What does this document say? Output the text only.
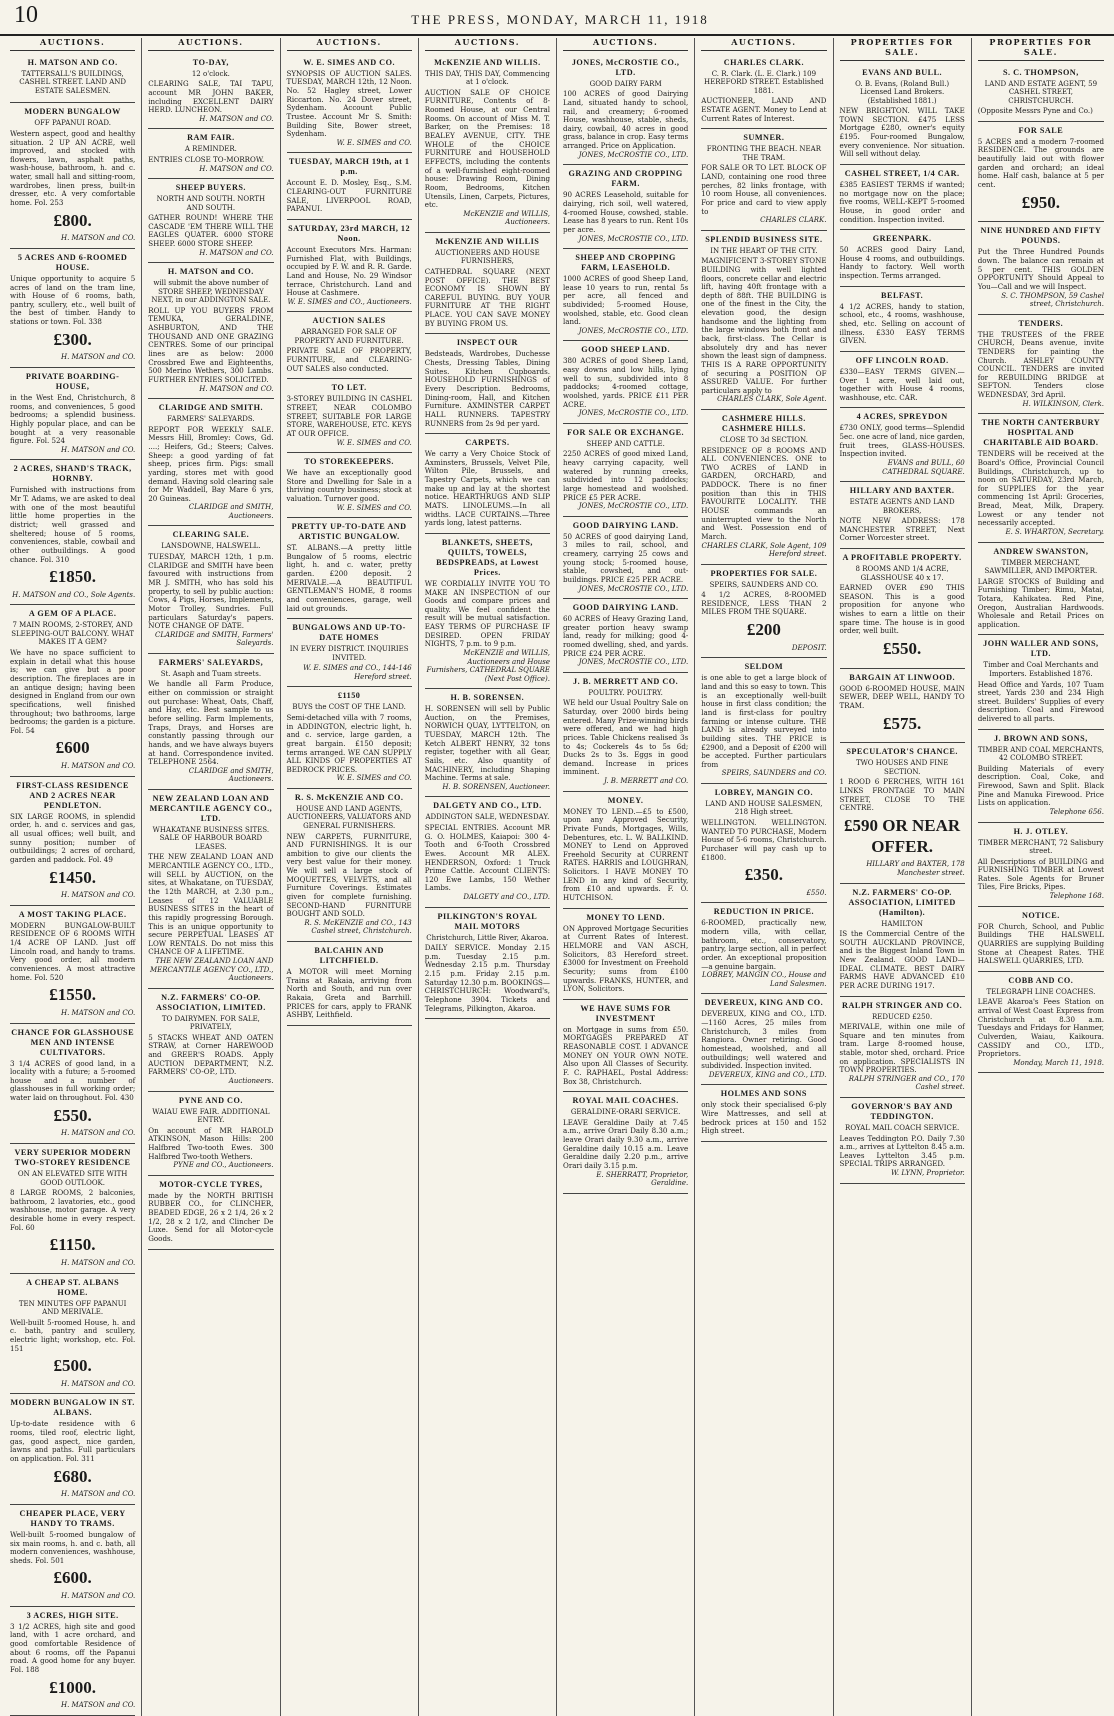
10	THE PRESS, MONDAY, MARCH 11, 1918
AUCTIONS.
H. MATSON AND CO.
TATTERSALL'S BUILDINGS, CASHEL STREET. LAND AND ESTATE SALESMEN.
MODERN BUNGALOW
OFF PAPANUI ROAD.
Western aspect, good and healthy situation. 2 UP AN ACRE, well improved, and stocked with flowers, lawn, asphalt paths, wash-house, bathroom, h. and c. water, small hall and sitting-room, wardrobes, linen press, built-in dresser, etc. A very comfortable home. Fol. 253
£800.
H. MATSON and CO.
5 ACRES AND 6-ROOMED HOUSE.
Unique opportunity to acquire 5 acres of land on the tram line, with House of 6 rooms, bath, pantry, scullery, etc., well built of the best of timber. Handy to stations or town. Fol. 338
£300.
H. MATSON and CO.
PRIVATE BOARDING-HOUSE,
in the West End, Christchurch, 8 rooms, and conveniences, 5 good bedrooms; a splendid business. Highly popular place, and can be bought at a very reasonable figure. Fol. 524
H. MATSON and CO.
2 ACRES, SHAND'S TRACK, HORNBY.
Furnished with instructions from Mr T. Adams, we are asked to deal with one of the most beautiful little home properties in the district; well grassed and sheltered; house of 5 rooms, conveniences, stable, cowbail and other outbuildings. A good chance. Fol. 310
£1850.
H. MATSON and CO., Sole Agents.
A GEM OF A PLACE.
7 MAIN ROOMS, 2-STOREY, AND SLEEPING-OUT BALCONY. WHAT MAKES IT A GEM?
We have no space sufficient to explain in detail what this house is; we can give but a poor description. The fireplaces are in an antique design; having been designed in England from our own specifications, well finished throughout; two bathrooms, large bedrooms; the garden is a picture. Fol. 54
£600
H. MATSON and CO.
FIRST-CLASS RESIDENCE AND 2 ACRES NEAR PENDLETON.
SIX LARGE ROOMS, in splendid order, h. and c. services and gas, all usual offices; well built, and sunny position; number of outbuildings; 2 acres of orchard, garden and paddock. Fol. 49
£1450.
H. MATSON and CO.
A MOST TAKING PLACE.
MODERN BUNGALOW-BUILT RESIDENCE OF 6 ROOMS WITH 1/4 ACRE OF LAND. Just off Lincoln road, and handy to trams. Very good order, all modern conveniences. A most attractive home. Fol. 520
£1550.
H. MATSON and CO.
CHANCE FOR GLASSHOUSE MEN AND INTENSE CULTIVATORS.
3 1/4 ACRES of good land, in a locality with a future; a 5-roomed house and a number of glasshouses in full working order; water laid on throughout. Fol. 430
£550.
H. MATSON and CO.
VERY SUPERIOR MODERN TWO-STOREY RESIDENCE
ON AN ELEVATED SITE WITH GOOD OUTLOOK.
8 LARGE ROOMS, 2 balconies, bathroom, 2 lavatories, etc., good washhouse, motor garage. A very desirable home in every respect. Fol. 60
£1150.
H. MATSON and CO.
A CHEAP ST. ALBANS HOME.
TEN MINUTES OFF PAPANUI AND MERIVALE.
Well-built 5-roomed House, h. and c. bath, pantry and scullery, electric light; workshop, etc. Fol. 151
£500.
H. MATSON and CO.
MODERN BUNGALOW IN ST. ALBANS.
Up-to-date residence with 6 rooms, tiled roof, electric light, gas, good aspect, nice garden, lawns and paths. Full particulars on application. Fol. 311
£680.
H. MATSON and CO.
CHEAPER PLACE, VERY HANDY TO TRAMS.
Well-built 5-roomed bungalow of six main rooms, h. and c. bath, all modern conveniences, washhouse, sheds. Fol. 501
£600.
H. MATSON and CO.
3 ACRES, HIGH SITE.
3 1/2 ACRES, high site and good land, with 1 acre orchard, and good comfortable Residence of about 6 rooms, off the Papanui road. A good home for any buyer. Fol. 188
£1000.
H. MATSON and CO.
AUCTIONS.
TO-DAY,
12 o'clock.
CLEARING SALE, TAI TAPU, account MR JOHN BAKER, including EXCELLENT DAIRY HERD. LUNCHEON.
H. MATSON and CO.
RAM FAIR.
A REMINDER.
ENTRIES CLOSE TO-MORROW.
H. MATSON and CO.
SHEEP BUYERS.
NORTH AND SOUTH. NORTH AND SOUTH.
GATHER ROUND! WHERE THE CASCADE 'EM THERE WILL THE EAGLES QUATER. 6000 STORE SHEEP. 6000 STORE SHEEP.
H. MATSON and CO.
H. MATSON and CO.
will submit the above number of STORE SHEEP, WEDNESDAY NEXT, in our ADDINGTON SALE.
ROLL UP YOU BUYERS FROM TEMUKA, GERALDINE, ASHBURTON, AND THE THOUSAND AND ONE GRAZING CENTRES. Some of our principal lines are as below: 2000 Crossbred Ewe and Eighteenths, 500 Merino Wethers, 300 Lambs. FURTHER ENTRIES SOLICITED.
H. MATSON and CO.
CLARIDGE AND SMITH.
FARMERS' SALEYARDS.
REPORT FOR WEEKLY SALE. Messrs Hill, Bromley: Cows, Gd. ....; Heifers, Gd.; Steers; Calves. Sheep: a good yarding of fat sheep, prices firm. Pigs: small yarding, stores met with good demand. Having sold clearing sale for Mr Waddell, Bay Mare 6 yrs, 20 Guineas.
CLARIDGE and SMITH, Auctioneers.
CLEARING SALE.
LANSDOWNE, HALSWELL.
TUESDAY, MARCH 12th, 1 p.m. CLARIDGE and SMITH have been favoured with instructions from MR J. SMITH, who has sold his property, to sell by public auction: Cows, 4 Pigs, Horses, Implements, Motor Trolley, Sundries. Full particulars Saturday's papers. NOTE CHANGE OF DATE.
CLARIDGE and SMITH, Farmers' Saleyards.
FARMERS' SALEYARDS,
St. Asaph and Tuam streets.
We handle all Farm Produce, either on commission or straight out purchase: Wheat, Oats, Chaff, and Hay, etc. Best sample to us before selling. Farm Implements, Traps, Drays, and Horses are constantly passing through our hands, and we have always buyers at hand. Correspondence invited. TELEPHONE 2564.
CLARIDGE and SMITH, Auctioneers.
NEW ZEALAND LOAN AND MERCANTILE AGENCY CO., LTD.
WHAKATANE BUSINESS SITES. SALE OF HARBOUR BOARD LEASES.
THE NEW ZEALAND LOAN AND MERCANTILE AGENCY CO., LTD., will SELL by AUCTION, on the sites, at Whakatane, on TUESDAY, the 12th MARCH, at 2.30 p.m., Leases of 12 VALUABLE BUSINESS SITES in the heart of this rapidly progressing Borough. This is an unique opportunity to secure PERPETUAL LEASES AT LOW RENTALS. Do not miss this CHANCE OF A LIFETIME.
THE NEW ZEALAND LOAN AND MERCANTILE AGENCY CO., LTD., Auctioneers.
N.Z. FARMERS' CO-OP. ASSOCIATION, LIMITED.
TO DAIRYMEN. FOR SALE, PRIVATELY,
5 STACKS WHEAT AND OATEN STRAW, at Corner HAREWOOD and GREER'S ROADS. Apply AUCTION DEPARTMENT, N.Z. FARMERS' CO-OP., LTD.
Auctioneers.
PYNE AND CO.
WAIAU EWE FAIR. ADDITIONAL ENTRY.
On account of MR HAROLD ATKINSON, Mason Hills: 200 Halfbred Two-tooth Ewes. 300 Halfbred Two-tooth Wethers.
PYNE and CO., Auctioneers.
MOTOR-CYCLE TYRES,
made by the NORTH BRITISH RUBBER CO., for CLINCHER, BEADED EDGE, 26 x 2 1/4, 26 x 2 1/2, 28 x 2 1/2, and Clincher De Luxe. Send for all Motor-cycle Goods.
AUCTIONS.
W. E. SIMES AND CO.
SYNOPSIS OF AUCTION SALES. TUESDAY, MARCH 12th, 12 Noon. No. 52 Hagley street, Lower Riccarton. No. 24 Dover street, Sydenham. Account Public Trustee. Account Mr S. Smith: Building Site, Bower street, Sydenham.
W. E. SIMES and CO.
TUESDAY, MARCH 19th, at 1 p.m.
Account E. D. Mosley, Esq., S.M. CLEARING-OUT FURNITURE SALE, LIVERPOOL ROAD, PAPANUI.
SATURDAY, 23rd MARCH, 12 Noon.
Account Executors Mrs. Harman: Furnished Flat, with Buildings, occupied by F. W. and R. R. Garde. Land and House, No. 29 Windsor terrace, Christchurch. Land and House at Cashmere.
W. E. SIMES and CO., Auctioneers.
AUCTION SALES
ARRANGED FOR SALE OF PROPERTY AND FURNITURE.
PRIVATE SALE OF PROPERTY, FURNITURE, and CLEARING-OUT SALES also conducted.
TO LET.
3-STOREY BUILDING IN CASHEL STREET, NEAR COLOMBO STREET, SUITABLE FOR LARGE STORE, WAREHOUSE, ETC. KEYS AT OUR OFFICE.
W. E. SIMES and CO.
TO STOREKEEPERS.
We have an exceptionally good Store and Dwelling for Sale in a thriving country business; stock at valuation. Turnover good.
W. E. SIMES and CO.
PRETTY UP-TO-DATE AND ARTISTIC BUNGALOW.
ST. ALBANS.—A pretty little Bungalow of 5 rooms, electric light, h. and c. water, pretty garden. £200 deposit. 2 MERIVALE.—A BEAUTIFUL GENTLEMAN'S HOME, 8 rooms and conveniences, garage, well laid out grounds.
BUNGALOWS AND UP-TO-DATE HOMES
IN EVERY DISTRICT. INQUIRIES INVITED.
W. E. SIMES and CO., 144-146 Hereford street.
£1150
BUYS the COST OF THE LAND.
Semi-detached villa with 7 rooms, in ADDINGTON, electric light, h. and c. service, large garden, a great bargain. £150 deposit; terms arranged. WE CAN SUPPLY ALL KINDS OF PROPERTIES AT BEDROCK PRICES.
W. E. SIMES and CO.
R. S. McKENZIE AND CO.
HOUSE AND LAND AGENTS, AUCTIONEERS, VALUATORS AND GENERAL FURNISHERS.
NEW CARPETS, FURNITURE, AND FURNISHINGS. It is our ambition to give our clients the very best value for their money. We will sell a large stock of MOQUETTES, VELVETS, and all Furniture Coverings. Estimates given for complete furnishing. SECOND-HAND FURNITURE BOUGHT AND SOLD.
R. S. McKENZIE and CO., 143 Cashel street, Christchurch.
BALCAHIN AND LITCHFIELD.
A MOTOR will meet Morning Trains at Rakaia, arriving from North and South, and run over Rakaia, Greta and Barrhill. PRICES for cars, apply to FRANK ASHBY, Leithfield.
AUCTIONS.
McKENZIE AND WILLIS.
THIS DAY, THIS DAY, Commencing at 1 o'clock.
AUCTION SALE OF CHOICE FURNITURE, Contents of 8-Roomed House, at our Central Rooms. On account of Miss M. T. Barker, on the Premises: 18 BEALEY AVENUE, CITY. THE WHOLE of the CHOICE FURNITURE and HOUSEHOLD EFFECTS, including the contents of a well-furnished eight-roomed house: Drawing Room, Dining Room, Bedrooms, Kitchen Utensils, Linen, Carpets, Pictures, etc.
McKENZIE and WILLIS, Auctioneers.
McKENZIE AND WILLIS
AUCTIONEERS AND HOUSE FURNISHERS,
CATHEDRAL SQUARE (NEXT POST OFFICE). THE BEST ECONOMY IS SHOWN BY CAREFUL BUYING. BUY YOUR FURNITURE AT THE RIGHT PLACE. YOU CAN SAVE MONEY BY BUYING FROM US.
INSPECT OUR
Bedsteads, Wardrobes, Duchesse Chests, Dressing Tables, Dining Suites. Kitchen Cupboards. HOUSEHOLD FURNISHINGS of Every Description. Bedrooms, Dining-room, Hall, and Kitchen Furniture. AXMINSTER CARPET HALL RUNNERS. TAPESTRY RUNNERS from 2s 9d per yard.
CARPETS.
We carry a Very Choice Stock of Axminsters, Brussels, Velvet Pile, Wilton Pile, Brussels, and Tapestry Carpets, which we can make up and lay at the shortest notice. HEARTHRUGS AND SLIP MATS. LINOLEUMS.—In all widths. LACE CURTAINS.—Three yards long, latest patterns.
BLANKETS, SHEETS, QUILTS, TOWELS, BEDSPREADS, at Lowest Prices.
WE CORDIALLY INVITE YOU TO MAKE AN INSPECTION of our Goods and compare prices and quality. We feel confident the result will be mutual satisfaction. EASY TERMS OF PURCHASE IF DESIRED. OPEN FRIDAY NIGHTS, 7 p.m. to 9 p.m.
McKENZIE and WILLIS, Auctioneers and House Furnishers, CATHEDRAL SQUARE (Next Post Office).
H. B. SORENSEN.
H. SORENSEN will sell by Public Auction, on the Premises, NORWICH QUAY, LYTTELTON, on TUESDAY, MARCH 12th. The Ketch ALBERT HENRY, 32 tons register, together with all Gear, Sails, etc. Also quantity of MACHINERY, including Shaping Machine. Terms at sale.
H. B. SORENSEN, Auctioneer.
DALGETY AND CO., LTD.
ADDINGTON SALE, WEDNESDAY.
SPECIAL ENTRIES. Account MR G. O. HOLMES, Kaiapoi: 300 4-Tooth and 6-Tooth Crossbred Ewes. Account MR ALEX. HENDERSON, Oxford: 1 Truck Prime Cattle. Account CLIENTS: 120 Ewe Lambs, 150 Wether Lambs.
DALGETY and CO., LTD.
PILKINGTON'S ROYAL MAIL MOTORS
Christchurch, Little River, Akaroa.
DAILY SERVICE. Monday 2.15 p.m. Tuesday 2.15 p.m. Wednesday 2.15 p.m. Thursday 2.15 p.m. Friday 2.15 p.m. Saturday 12.30 p.m. BOOKINGS—CHRISTCHURCH: Woodward's, Telephone 3904. Tickets and Telegrams, Pilkington, Akaroa.
AUCTIONS.
JONES, McCROSTIE CO., LTD.
GOOD DAIRY FARM
100 ACRES of good Dairying Land, situated handy to school, rail, and creamery; 6-roomed House, washhouse, stable, sheds, dairy, cowbail, 40 acres in good grass, balance in crop. Easy terms arranged. Price on Application.
JONES, McCROSTIE CO., LTD.
GRAZING AND CROPPING FARM.
90 ACRES Leasehold, suitable for dairying, rich soil, well watered, 4-roomed House, cowshed, stable. Lease has 8 years to run. Rent 10s per acre.
JONES, McCROSTIE CO., LTD.
SHEEP AND CROPPING FARM, LEASEHOLD.
1000 ACRES of good Sheep Land, lease 10 years to run, rental 5s per acre, all fenced and subdivided; 5-roomed House, woolshed, stable, etc. Good clean land.
JONES, McCROSTIE CO., LTD.
GOOD SHEEP LAND.
380 ACRES of good Sheep Land, easy downs and low hills, lying well to sun, subdivided into 8 paddocks; 4-roomed cottage, woolshed, yards. PRICE £11 PER ACRE.
JONES, McCROSTIE CO., LTD.
FOR SALE OR EXCHANGE.
SHEEP AND CATTLE.
2250 ACRES of good mixed Land, heavy carrying capacity, well watered by running creeks, subdivided into 12 paddocks; large homestead and woolshed. PRICE £5 PER ACRE.
JONES, McCROSTIE CO., LTD.
GOOD DAIRYING LAND.
50 ACRES of good dairying Land, 3 miles to rail, school, and creamery, carrying 25 cows and young stock; 5-roomed house, stable, cowshed, and out-buildings. PRICE £25 PER ACRE.
JONES, McCROSTIE CO., LTD.
GOOD DAIRYING LAND.
60 ACRES of Heavy Grazing Land, greater portion heavy swamp land, ready for milking; good 4-roomed dwelling, shed, and yards. PRICE £24 PER ACRE.
JONES, McCROSTIE CO., LTD.
J. B. MERRETT AND CO.
POULTRY. POULTRY.
WE held our Usual Poultry Sale on Saturday, over 2000 birds being entered. Many Prize-winning birds were offered, and we had high prices. Table Chickens realised 3s to 4s; Cockerels 4s to 5s 6d; Ducks 2s to 3s. Eggs in good demand. Increase in prices imminent.
J. B. MERRETT and CO.
MONEY.
MONEY TO LEND.—£5 to £500, upon any Approved Security, Private Funds, Mortgages, Wills, Debentures, etc. L. W. BALLKIND. MONEY to Lend on Approved Freehold Security at CURRENT RATES. HARRIS and LOUGHRAN, Solicitors. I HAVE MONEY TO LEND in any kind of Security, from £10 and upwards. F. O. HUTCHISON.
MONEY TO LEND.
ON Approved Mortgage Securities at Current Rates of Interest. HELMORE and VAN ASCH, Solicitors, 83 Hereford street. £3000 for Investment on Freehold Security; sums from £100 upwards. FRANKS, HUNTER, and LYON, Solicitors.
WE HAVE SUMS FOR INVESTMENT
on Mortgage in sums from £50. MORTGAGES PREPARED AT REASONABLE COST. I ADVANCE MONEY ON YOUR OWN NOTE. Also upon All Classes of Security. F. C. RAPHAEL, Postal Address: Box 38, Christchurch.
ROYAL MAIL COACHES.
GERALDINE-ORARI SERVICE.
LEAVE Geraldine Daily at 7.45 a.m., arrive Orari Daily 8.30 a.m.; leave Orari daily 9.30 a.m., arrive Geraldine daily 10.15 a.m. Leave Geraldine daily 2.20 p.m., arrive Orari daily 3.15 p.m.
E. SHERRATT, Proprietor, Geraldine.
AUCTIONS.
CHARLES CLARK.
C. R. Clark. (L. E. Clark.) 109 HEREFORD STREET. Established 1881.
AUCTIONEER, LAND AND ESTATE AGENT. Money to Lend at Current Rates of Interest.
SUMNER.
FRONTING THE BEACH. NEAR THE TRAM.
FOR SALE OR TO LET. BLOCK OF LAND, containing one rood three perches, 82 links frontage, with 10 room House, all conveniences. For price and card to view apply to
CHARLES CLARK.
SPLENDID BUSINESS SITE.
IN THE HEART OF THE CITY.
MAGNIFICENT 3-STOREY STONE BUILDING with well lighted floors, concrete cellar and electric lift, having 40ft frontage with a depth of 88ft. THE BUILDING is one of the finest in the City, the elevation good, the design handsome and the lighting from the large windows both front and back, first-class. The Cellar is absolutely dry and has never shown the least sign of dampness. THIS IS A RARE OPPORTUNITY of securing a POSITION OF ASSURED VALUE. For further particulars apply to
CHARLES CLARK, Sole Agent.
CASHMERE HILLS. CASHMERE HILLS.
CLOSE TO 3d SECTION.
RESIDENCE OF 8 ROOMS AND ALL CONVENIENCES. ONE to TWO ACRES of LAND in GARDEN, ORCHARD, and PADDOCK. There is no finer position than this in THIS FAVOURITE LOCALITY. THE HOUSE commands an uninterrupted view to the North and West. Possession end of March.
CHARLES CLARK, Sole Agent, 109 Hereford street.
PROPERTIES FOR SALE.
SPEIRS, SAUNDERS AND CO.
4 1/2 ACRES, 8-ROOMED RESIDENCE, LESS THAN 2 MILES FROM THE SQUARE.
£200
DEPOSIT.
SELDOM
is one able to get a large block of land and this so easy to town. This is an exceptionally well-built house in first class condition; the land is first-class for poultry farming or intense culture. THE LAND is already surveyed into building sites. THE PRICE is £2900, and a Deposit of £200 will be accepted. Further particulars from
SPEIRS, SAUNDERS and CO.
LOBREY, MANGIN CO.
LAND AND HOUSE SALESMEN, 218 High street.
WELLINGTON. WELLINGTON. WANTED TO PURCHASE, Modern House of 5-6 rooms, Christchurch. Purchaser will pay cash up to £1800.
£350.
£550.
REDUCTION IN PRICE.
6-ROOMED, practically new, modern villa, with cellar, bathroom, etc., conservatory, pantry, large section, all in perfect order. An exceptional proposition—a genuine bargain.
LOBREY, MANGIN CO., House and Land Salesmen.
DEVEREUX, KING AND CO.
DEVEREUX, KING and CO., LTD.—1160 Acres, 25 miles from Christchurch, 3 miles from Rangiora. Owner retiring. Good homestead, woolshed, and all outbuildings; well watered and subdivided. Inspection invited.
DEVEREUX, KING and CO., LTD.
HOLMES AND SONS
only stock their specialised 6-ply Wire Mattresses, and sell at bedrock prices at 150 and 152 High street.
PROPERTIES FOR SALE.
EVANS AND BULL.
O. B. Evans, (Roland Bull.) Licensed Land Brokers. (Established 1881.)
NEW BRIGHTON. WILL TAKE TOWN SECTION. £475 LESS Mortgage £280, owner's equity £195. Four-roomed Bungalow, every convenience. Nor situation. Will sell without delay.
CASHEL STREET, 1/4 CAR.
£385 EASIEST TERMS if wanted; no mortgage now on the place; five rooms, WELL-KEPT 5-roomed House, in good order and condition. Inspection invited.
GREENPARK.
50 ACRES good Dairy Land, House 4 rooms, and outbuildings. Handy to factory. Well worth inspection. Terms arranged.
BELFAST.
4 1/2 ACRES, handy to station, school, etc., 4 rooms, washhouse, shed, etc. Selling on account of illness. £330 EASY TERMS GIVEN.
OFF LINCOLN ROAD.
£330—EASY TERMS GIVEN.—Over 1 acre, well laid out, together with House 4 rooms, washhouse, etc. CAR.
4 ACRES, SPREYDON
£730 ONLY, good terms—Splendid 5ec. one acre of land, nice garden, fruit trees, GLASS-HOUSES. Inspection invited.
EVANS and BULL, 60 CATHEDRAL SQUARE.
HILLARY AND BAXTER.
ESTATE AGENTS AND LAND BROKERS,
NOTE NEW ADDRESS: 178 MANCHESTER STREET, Next Corner Worcester street.
A PROFITABLE PROPERTY.
8 ROOMS AND 1/4 ACRE, GLASSHOUSE 40 x 17.
EARNED OVER £90 THIS SEASON. This is a good proposition for anyone who wishes to earn a little on their spare time. The house is in good order, well built.
£550.
BARGAIN AT LINWOOD.
GOOD 6-ROOMED HOUSE, MAIN SEWER, DEEP WELL, HANDY TO TRAM.
£575.
SPECULATOR'S CHANCE.
TWO HOUSES AND FINE SECTION.
1 ROOD 6 PERCHES, WITH 161 LINKS FRONTAGE TO MAIN STREET, CLOSE TO THE CENTRE.
£590 OR NEAR OFFER.
HILLARY and BAXTER, 178 Manchester street.
N.Z. FARMERS' CO-OP. ASSOCIATION, LIMITED (Hamilton).
HAMILTON
IS the Commercial Centre of the SOUTH AUCKLAND PROVINCE, and is the Biggest Inland Town in New Zealand. GOOD LAND—IDEAL CLIMATE. BEST DAIRY FARMS HAVE ADVANCED £10 PER ACRE DURING 1917.
RALPH STRINGER AND CO.
REDUCED £250.
MERIVALE, within one mile of Square and ten minutes from tram. Large 8-roomed house, stable, motor shed, orchard. Price on application. SPECIALISTS IN TOWN PROPERTIES.
RALPH STRINGER and CO., 170 Cashel street.
GOVERNOR'S BAY AND TEDDINGTON.
ROYAL MAIL COACH SERVICE.
Leaves Teddington P.O. Daily 7.30 a.m., arrives at Lyttelton 8.45 a.m. Leaves Lyttelton 3.45 p.m. SPECIAL TRIPS ARRANGED.
W. LYNN, Proprietor.
PROPERTIES FOR SALE.
S. C. THOMPSON,
LAND AND ESTATE AGENT, 59 CASHEL STREET, CHRISTCHURCH.
(Opposite Messrs Pyne and Co.)
FOR SALE
5 ACRES and a modern 7-roomed RESIDENCE. The grounds are beautifully laid out with flower garden and orchard; an ideal home. Half cash, balance at 5 per cent.
£950.
NINE HUNDRED AND FIFTY POUNDS.
Put the Three Hundred Pounds down. The balance can remain at 5 per cent. THIS GOLDEN OPPORTUNITY Should Appeal to You—Call and we will Inspect.
S. C. THOMPSON, 59 Cashel street, Christchurch.
TENDERS.
THE TRUSTEES of the FREE CHURCH, Deans avenue, invite TENDERS for painting the Church. ASHLEY COUNTY COUNCIL. TENDERS are invited for REBUILDING BRIDGE at SEFTON. Tenders close WEDNESDAY, 3rd April.
H. WILKINSON, Clerk.
THE NORTH CANTERBURY HOSPITAL AND CHARITABLE AID BOARD.
TENDERS will be received at the Board's Office, Provincial Council Buildings, Christchurch, up to noon on SATURDAY, 23rd March, for SUPPLIES for the year commencing 1st April: Groceries, Bread, Meat, Milk, Drapery. Lowest or any tender not necessarily accepted.
E. S. WHARTON, Secretary.
ANDREW SWANSTON,
TIMBER MERCHANT, SAWMILLER, AND IMPORTER.
LARGE STOCKS of Building and Furnishing Timber; Rimu, Matai, Totara, Kahikatea. Red Pine, Oregon, Australian Hardwoods. Wholesale and Retail Prices on application.
JOHN WALLER AND SONS, LTD.
Timber and Coal Merchants and Importers. Established 1876.
Head Office and Yards, 107 Tuam street, Yards 230 and 234 High street. Builders' Supplies of every description. Coal and Firewood delivered to all parts.
J. BROWN AND SONS,
TIMBER AND COAL MERCHANTS, 42 COLOMBO STREET.
Building Materials of every description. Coal, Coke, and Firewood, Sawn and Split. Black Pine and Manuka Firewood. Price Lists on application.
Telephone 656.
H. J. OTLEY.
TIMBER MERCHANT, 72 Salisbury street.
All Descriptions of BUILDING and FURNISHING TIMBER at Lowest Rates. Sole Agents for Bruner Tiles, Fire Bricks, Pipes.
Telephone 168.
NOTICE.
FOR Church, School, and Public Buildings THE HALSWELL QUARRIES are supplying Building Stone at Cheapest Rates. THE HALSWELL QUARRIES, LTD.
COBB AND CO.
TELEGRAPH LINE COACHES.
LEAVE Akaroa's Fees Station on arrival of West Coast Express from Christchurch at 8.30 a.m. Tuesdays and Fridays for Hanmer, Culverden, Waiau, Kaikoura. CASSIDY and CO., LTD., Proprietors.
Monday, March 11, 1918.
